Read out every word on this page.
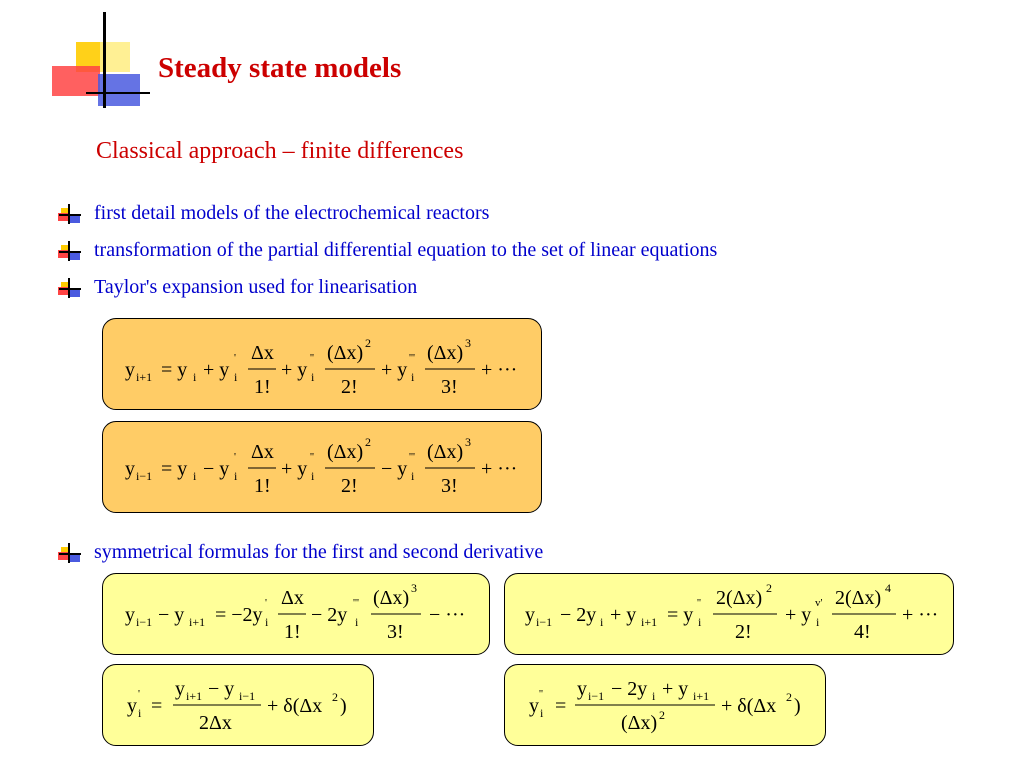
Steady state models
Classical approach – finite differences
first detail models of the electrochemical reactors
transformation of the partial differential equation to the set of linear equations
Taylor's expansion used for linearisation
symmetrical formulas for the first and second derivative
y i+1 = y i + y i
' Δx
1!
+ y i
'' (Δx) 2
2!
+ y i
''' (Δx) 3
3!
+ ···
y i−1 = y i − y i
' Δx
1!
+ y i
'' (Δx) 2
2!
− y i
''' (Δx) 3
3!
+ ···
y i−1 − y i+1 = −2y i
' Δx
1!
− 2y i
''' (Δx) 3
3!
− ···	y i−1 − 2y i + y i+1 = y i
'' 2(Δx) 2
2!
+ y i
v' 2(Δx) 4
4!
+ ···
y i
'
=
y i+1 − y i−1
2Δx
+ δ(Δx 2 )	y i
''
=
y i−1 − 2y i + y i+1
(Δx) 2	+ δ(Δx 2 )
